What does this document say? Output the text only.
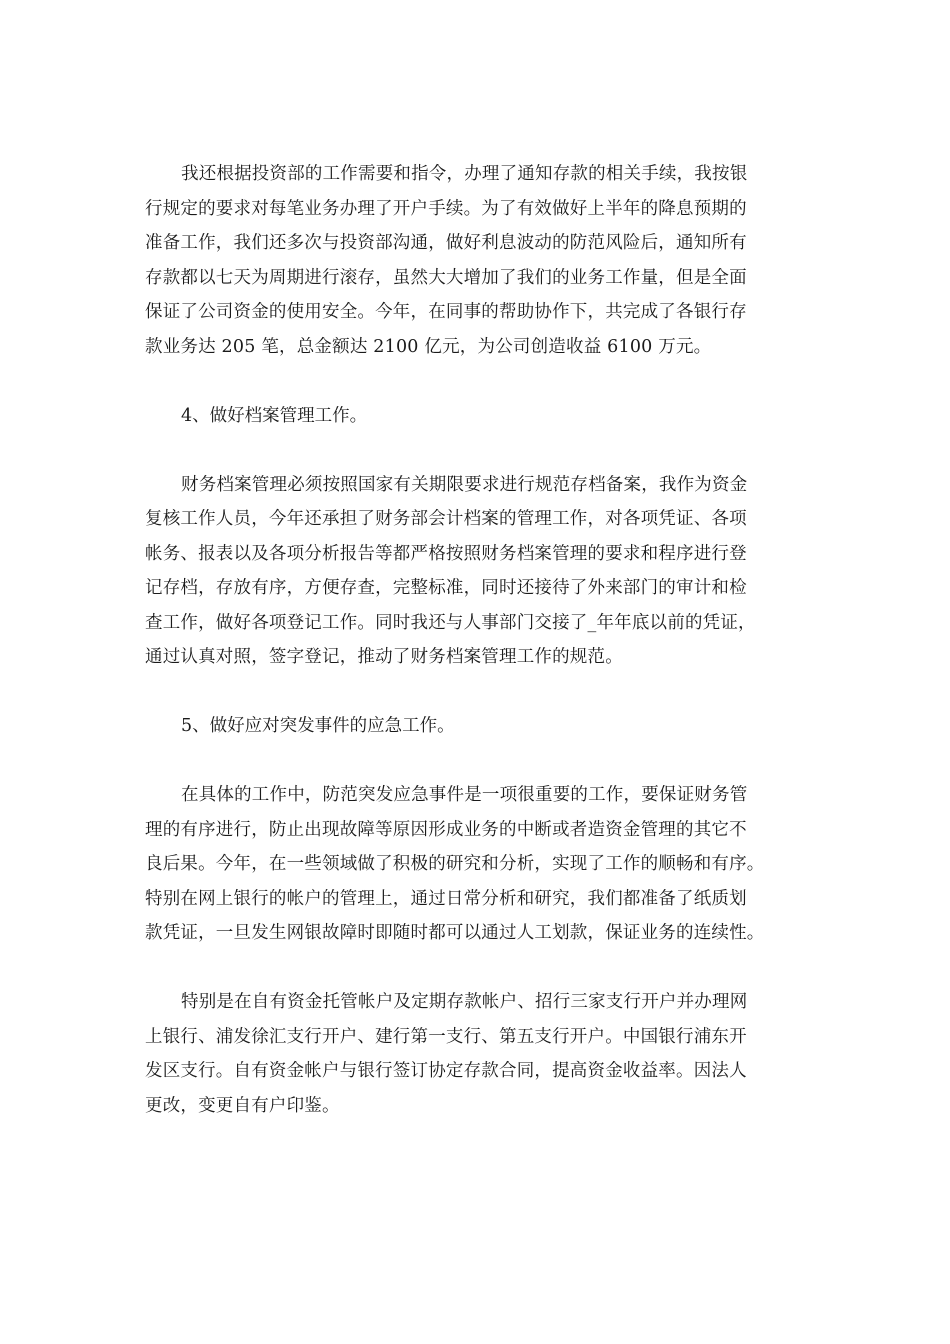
我还根据投资部的工作需要和指令，办理了通知存款的相关手续，我按银
行规定的要求对每笔业务办理了开户手续。为了有效做好上半年的降息预期的
准备工作，我们还多次与投资部沟通，做好利息波动的防范风险后，通知所有
存款都以七天为周期进行滚存，虽然大大增加了我们的业务工作量，但是全面
保证了公司资金的使用安全。今年，在同事的帮助协作下，共完成了各银行存
款业务达 205 笔，总金额达 2100 亿元，为公司创造收益 6100 万元。

4、做好档案管理工作。

财务档案管理必须按照国家有关期限要求进行规范存档备案，我作为资金
复核工作人员，今年还承担了财务部会计档案的管理工作，对各项凭证、各项
帐务、报表以及各项分析报告等都严格按照财务档案管理的要求和程序进行登
记存档，存放有序，方便存查，完整标准，同时还接待了外来部门的审计和检
查工作，做好各项登记工作。同时我还与人事部门交接了_年年底以前的凭证，
通过认真对照，签字登记，推动了财务档案管理工作的规范。

5、做好应对突发事件的应急工作。

在具体的工作中，防范突发应急事件是一项很重要的工作，要保证财务管
理的有序进行，防止出现故障等原因形成业务的中断或者造资金管理的其它不
良后果。今年，在一些领域做了积极的研究和分析，实现了工作的顺畅和有序。
特别在网上银行的帐户的管理上，通过日常分析和研究，我们都准备了纸质划
款凭证，一旦发生网银故障时即随时都可以通过人工划款，保证业务的连续性。

特别是在自有资金托管帐户及定期存款帐户、招行三家支行开户并办理网
上银行、浦发徐汇支行开户、建行第一支行、第五支行开户。中国银行浦东开
发区支行。自有资金帐户与银行签订协定存款合同，提高资金收益率。因法人
更改，变更自有户印鉴。
